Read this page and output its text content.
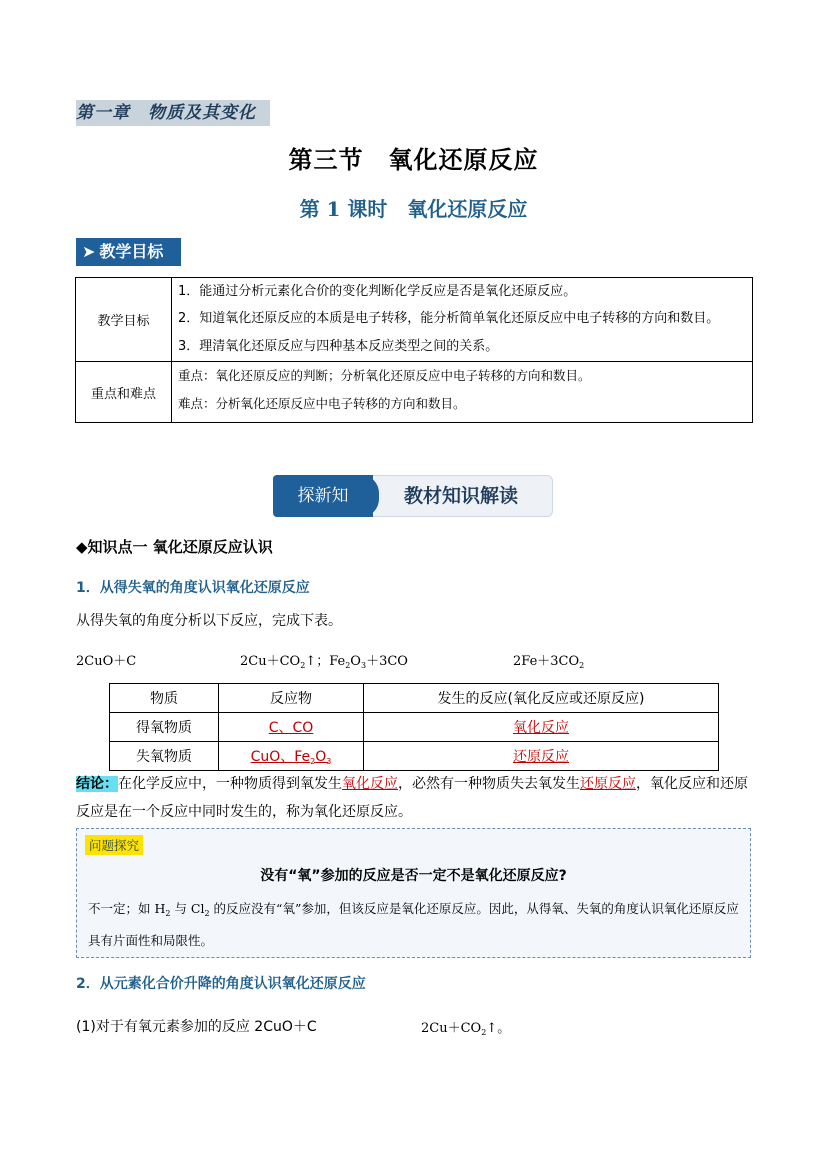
第一章　物质及其变化
第三节　氧化还原反应
第 1 课时　氧化还原反应
➤ 教学目标
教学目标	1．能通过分析元素化合价的变化判断化学反应是否是氧化还原反应。
2．知道氧化还原反应的本质是电子转移，能分析简单氧化还原反应中电子转移的方向和数目。
3．理清氧化还原反应与四种基本反应类型之间的关系。

重点和难点	重点：氧化还原反应的判断；分析氧化还原反应中电子转移的方向和数目。
难点：分析氧化还原反应中电子转移的方向和数目。
教材知识解读
探新知
◆知识点一 氧化还原反应认识
1．从得失氧的角度认识氧化还原反应
从得失氧的角度分析以下反应，完成下表。
2CuO＋C	$2Cu+CO_2↑$；$Fe_2O_3+3CO$	$2Fe+3CO_2$
物质	反应物	发生的反应(氧化反应或还原反应)
得氧物质	C、CO	氧化反应
失氧物质	CuO、$Fe_2O_3$	还原反应
结论：在化学反应中，一种物质得到氧发生氧化反应，必然有一种物质失去氧发生还原反应，氧化反应和还原反应是在一个反应中同时发生的，称为氧化还原反应。
问题探究
没有“氧”参加的反应是否一定不是氧化还原反应?
不一定；如 $H_2$ 与 $Cl_2$ 的反应没有“氧”参加，但该反应是氧化还原反应。因此，从得氧、失氧的角度认识氧化还原反应具有片面性和局限性。
2．从元素化合价升降的角度认识氧化还原反应
(1)对于有氧元素参加的反应 2CuO＋C	$2Cu+CO_2↑$。
